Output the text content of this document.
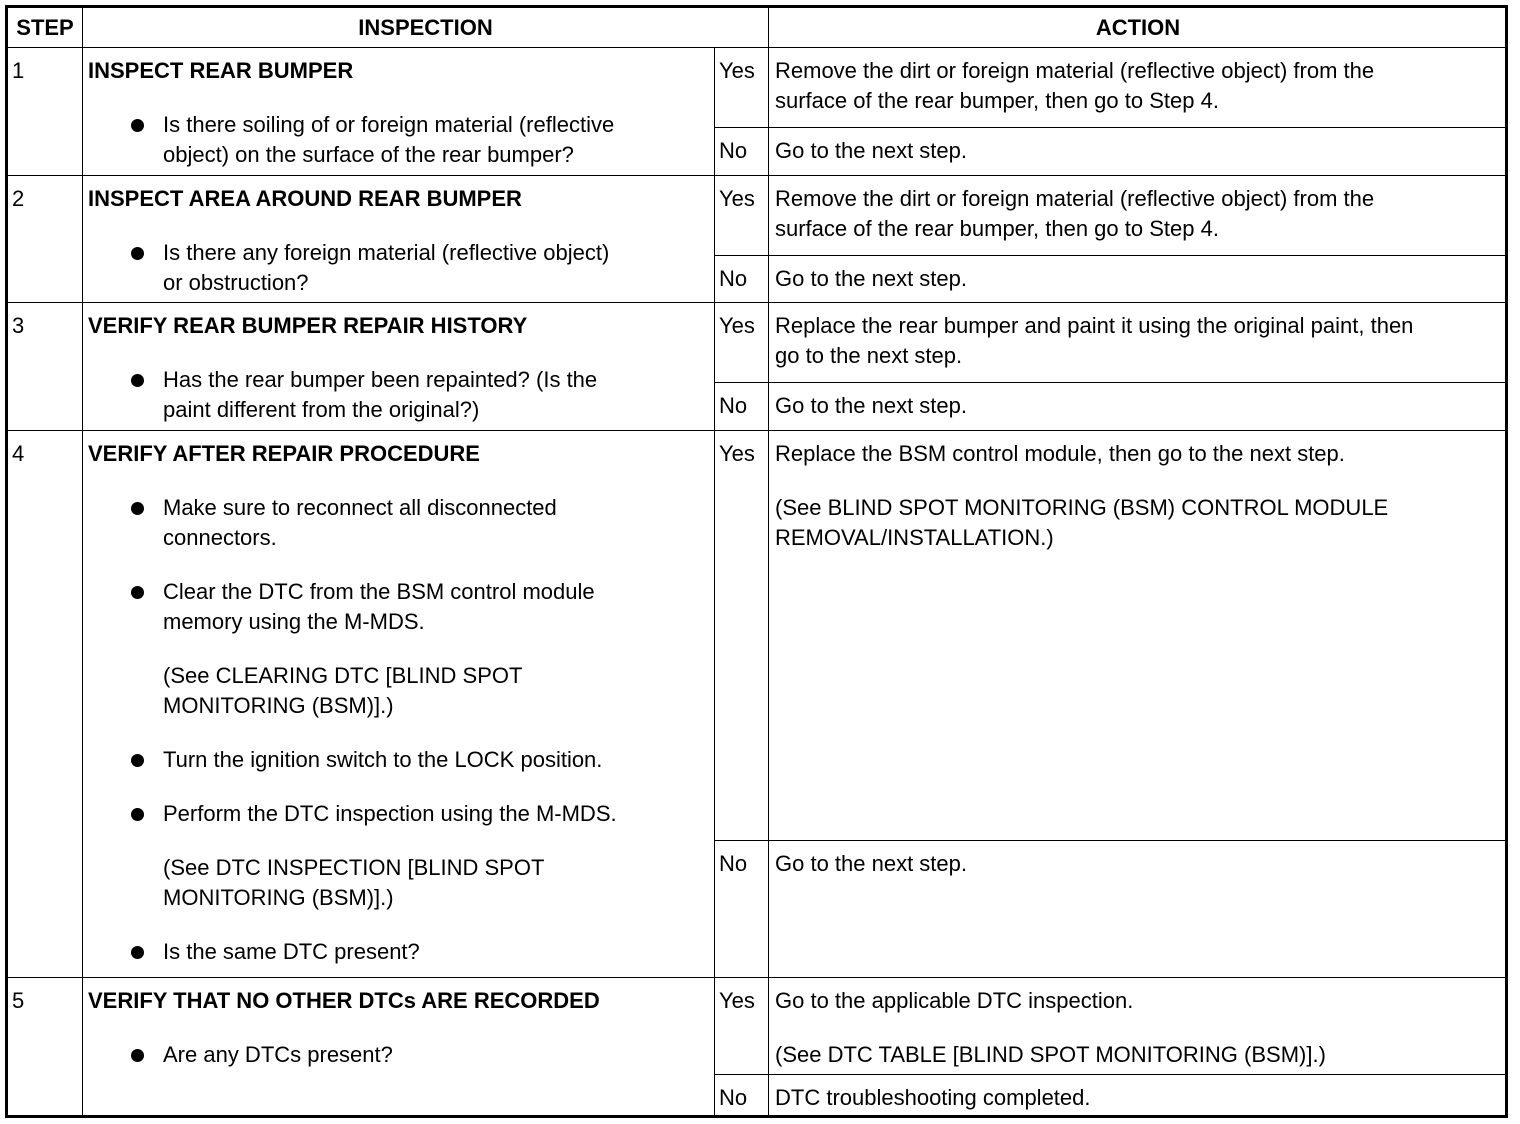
STEP	INSPECTION	ACTION
1	INSPECT REAR BUMPER
Is there soiling of or foreign material (reflective
object) on the surface of the rear bumper?
Yes Remove the dirt or foreign material (reflective object) from the
surface of the rear bumper, then go to Step 4.
No	Go to the next step.
2	INSPECT AREA AROUND REAR BUMPER
Is there any foreign material (reflective object)
or obstruction?
Yes Remove the dirt or foreign material (reflective object) from the
surface of the rear bumper, then go to Step 4.
No	Go to the next step.
3	VERIFY REAR BUMPER REPAIR HISTORY
Has the rear bumper been repainted? (Is the
paint different from the original?)
Yes Replace the rear bumper and paint it using the original paint, then
go to the next step.
No	Go to the next step.
4	VERIFY AFTER REPAIR PROCEDURE
Make sure to reconnect all disconnected
connectors.
Clear the DTC from the BSM control module
memory using the M-MDS.
(See CLEARING DTC [BLIND SPOT
MONITORING (BSM)].)
Turn the ignition switch to the LOCK position.
Perform the DTC inspection using the M-MDS.
(See DTC INSPECTION [BLIND SPOT
MONITORING (BSM)].)
Is the same DTC present?
Yes Replace the BSM control module, then go to the next step.
(See BLIND SPOT MONITORING (BSM) CONTROL MODULE
REMOVAL/INSTALLATION.)
No	Go to the next step.
5	VERIFY THAT NO OTHER DTCs ARE RECORDED
Are any DTCs present?
Yes Go to the applicable DTC inspection.
(See DTC TABLE [BLIND SPOT MONITORING (BSM)].)
No	DTC troubleshooting completed.
